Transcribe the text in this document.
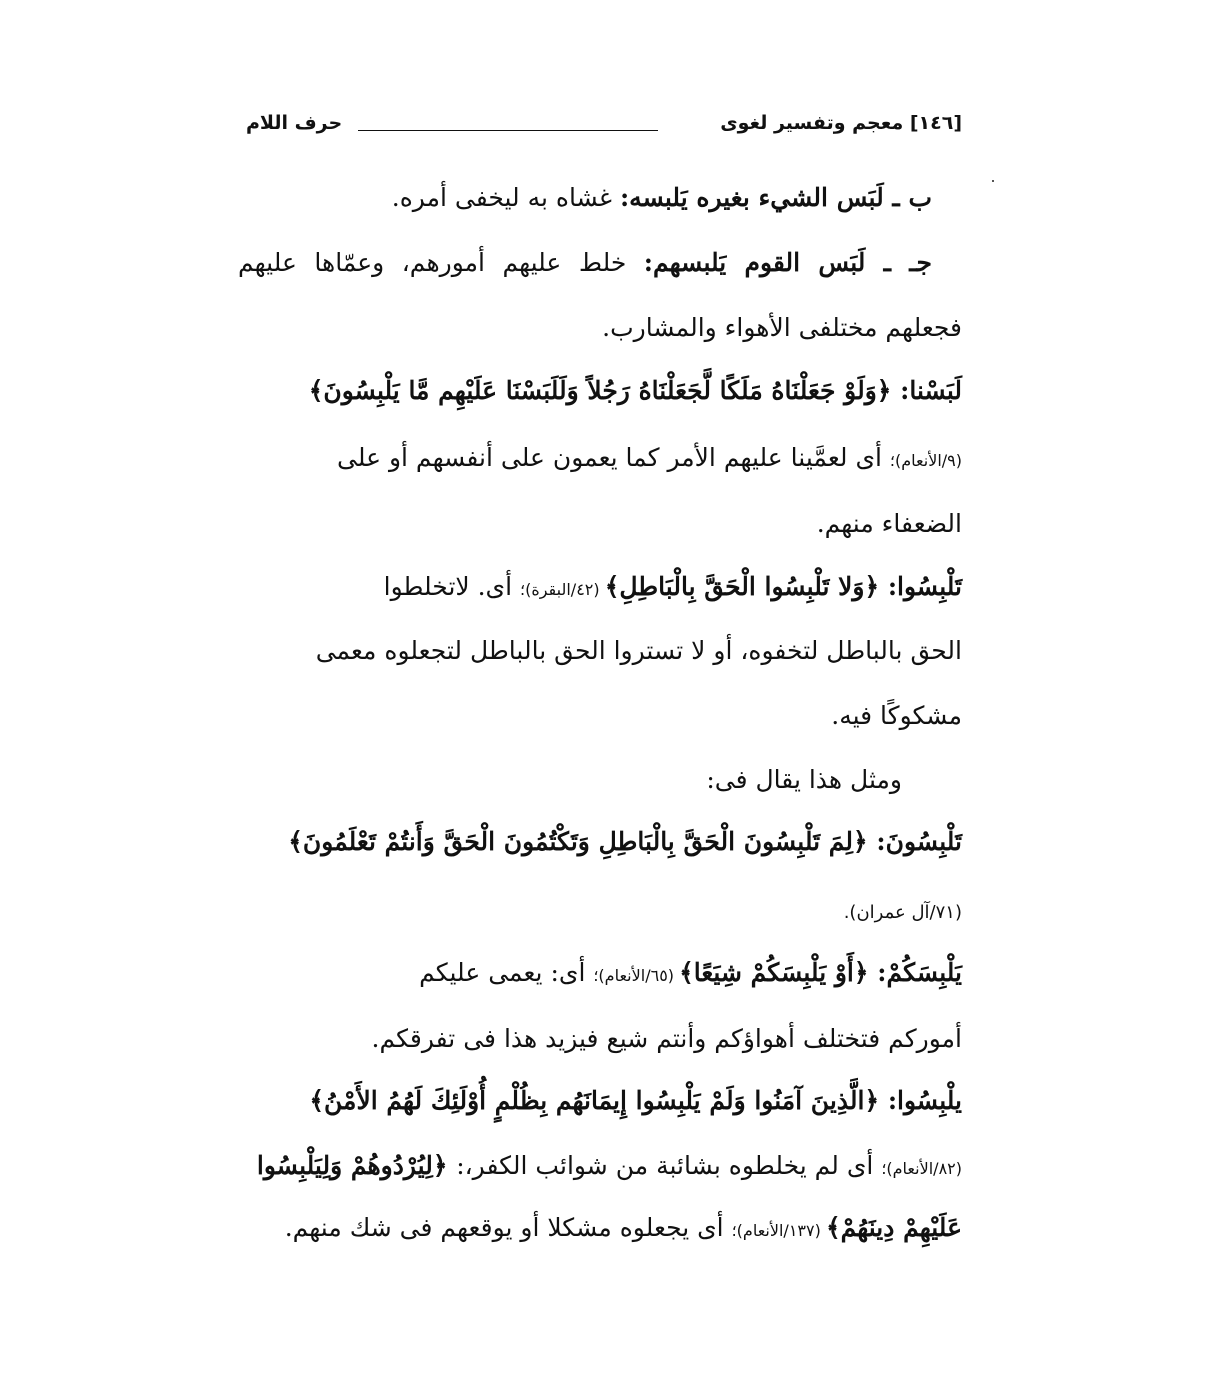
حرف اللام	[١٤٦] معجم وتفسير لغوى
ب ـ لَبَس الشيء بغيره يَلبسه: غشاه به ليخفى أمره.
جـ ـ لَبَس القوم يَلبسهم: خلط عليهم أمورهم، وعمّاها عليهم
فجعلهم مختلفى الأهواء والمشارب.
لَبَسْنا: ﴿وَلَوْ جَعَلْنَاهُ مَلَكًا لَّجَعَلْنَاهُ رَجُلاً وَلَلَبَسْنَا عَلَيْهِم مَّا يَلْبِسُونَ﴾
(٩/الأنعام)؛ أى لعمَّينا عليهم الأمر كما يعمون على أنفسهم أو على
الضعفاء منهم.
تَلْبِسُوا: ﴿وَلا تَلْبِسُوا الْحَقَّ بِالْبَاطِلِ﴾ (٤٢/البقرة)؛ أى. لاتخلطوا
الحق بالباطل لتخفوه، أو لا تستروا الحق بالباطل لتجعلوه معمى
مشكوكًا فيه.
ومثل هذا يقال فى:
تَلْبِسُونَ: ﴿لِمَ تَلْبِسُونَ الْحَقَّ بِالْبَاطِلِ وَتَكْتُمُونَ الْحَقَّ وَأَنتُمْ تَعْلَمُونَ﴾
(٧١/آل عمران).
يَلْبِسَكُمْ: ﴿أَوْ يَلْبِسَكُمْ شِيَعًا﴾ (٦٥/الأنعام)؛ أى: يعمى عليكم
أموركم فتختلف أهواؤكم وأنتم شيع فيزيد هذا فى تفرقكم.
يلْبِسُوا: ﴿الَّذِينَ آمَنُوا وَلَمْ يَلْبِسُوا إِيمَانَهُم بِظُلْمٍ أُوْلَئِكَ لَهُمُ الأَمْنُ﴾
(٨٢/الأنعام)؛ أى لم يخلطوه بشائبة من شوائب الكفر،: ﴿لِيُرْدُوهُمْ وَلِيَلْبِسُوا
عَلَيْهِمْ دِينَهُمْ﴾ (١٣٧/الأنعام)؛ أى يجعلوه مشكلا أو يوقعهم فى شك منهم.
